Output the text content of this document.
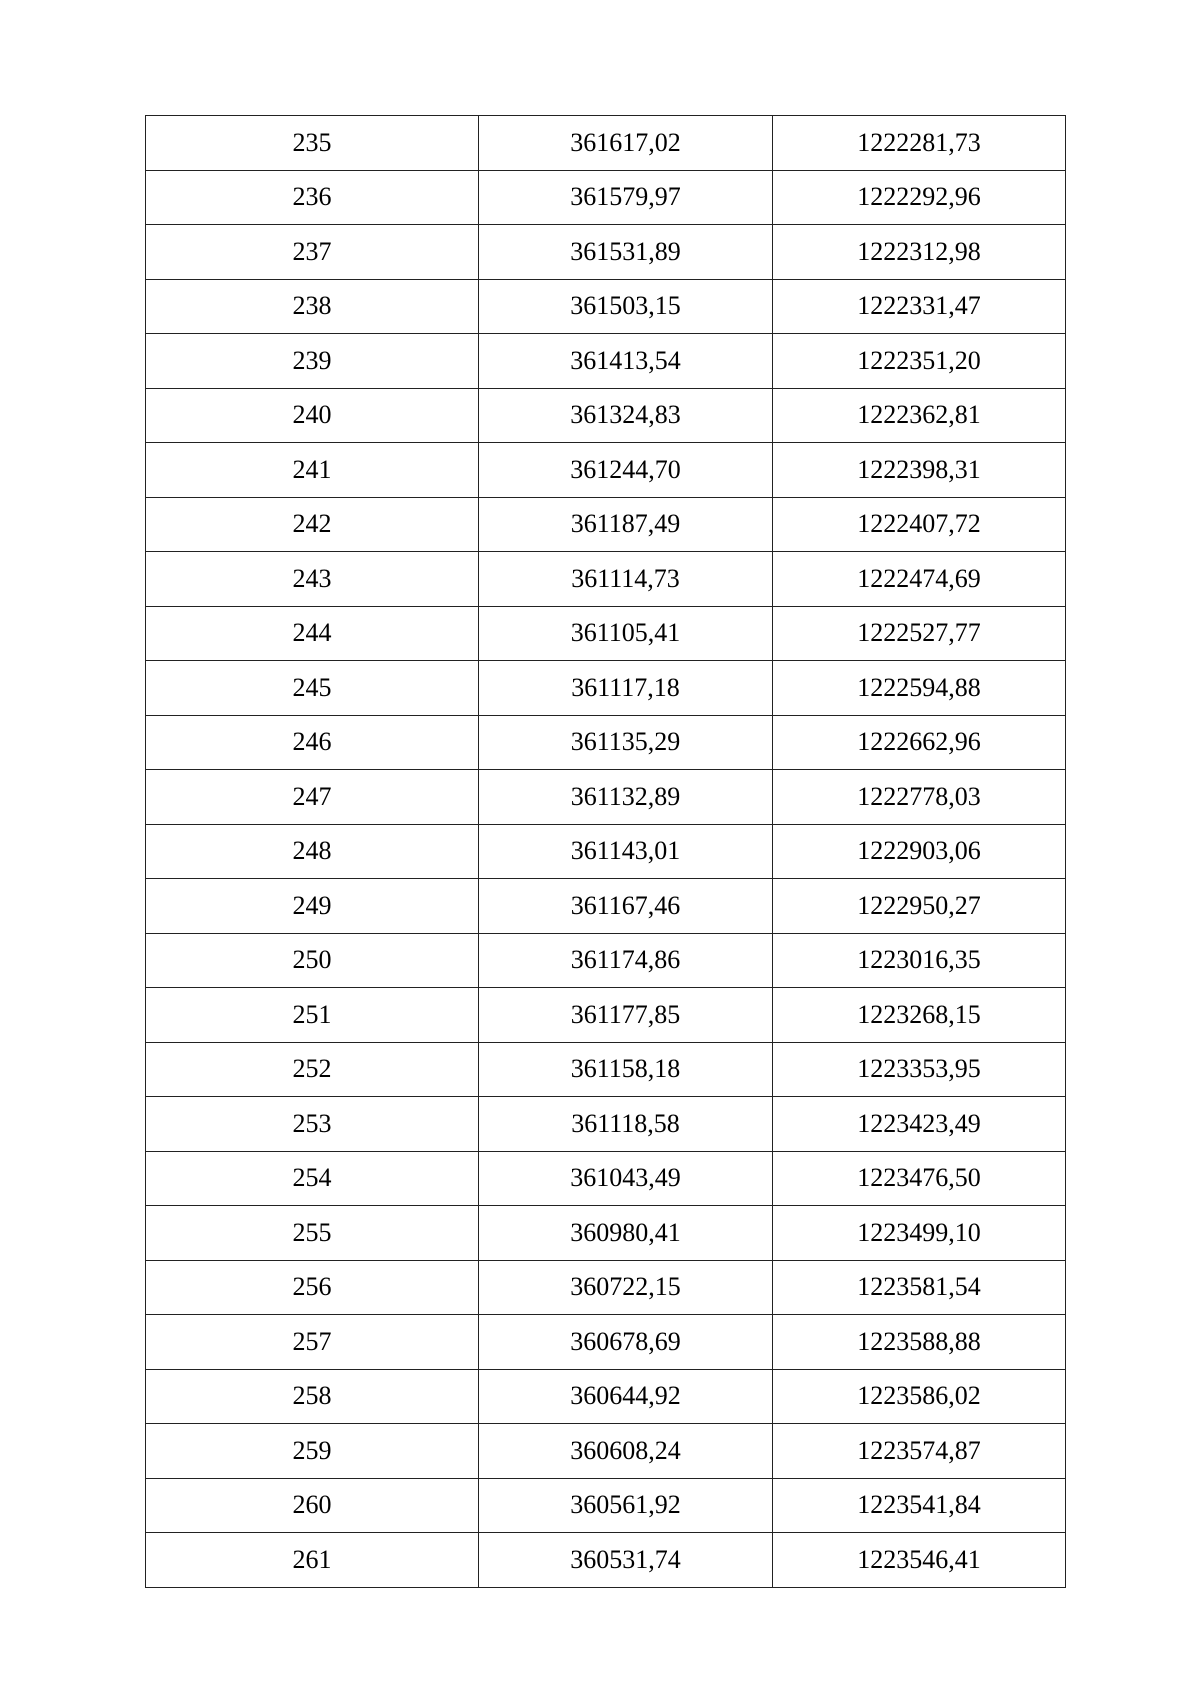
235	361617,02	1222281,73
236	361579,97	1222292,96
237	361531,89	1222312,98
238	361503,15	1222331,47
239	361413,54	1222351,20
240	361324,83	1222362,81
241	361244,70	1222398,31
242	361187,49	1222407,72
243	361114,73	1222474,69
244	361105,41	1222527,77
245	361117,18	1222594,88
246	361135,29	1222662,96
247	361132,89	1222778,03
248	361143,01	1222903,06
249	361167,46	1222950,27
250	361174,86	1223016,35
251	361177,85	1223268,15
252	361158,18	1223353,95
253	361118,58	1223423,49
254	361043,49	1223476,50
255	360980,41	1223499,10
256	360722,15	1223581,54
257	360678,69	1223588,88
258	360644,92	1223586,02
259	360608,24	1223574,87
260	360561,92	1223541,84
261	360531,74	1223546,41
